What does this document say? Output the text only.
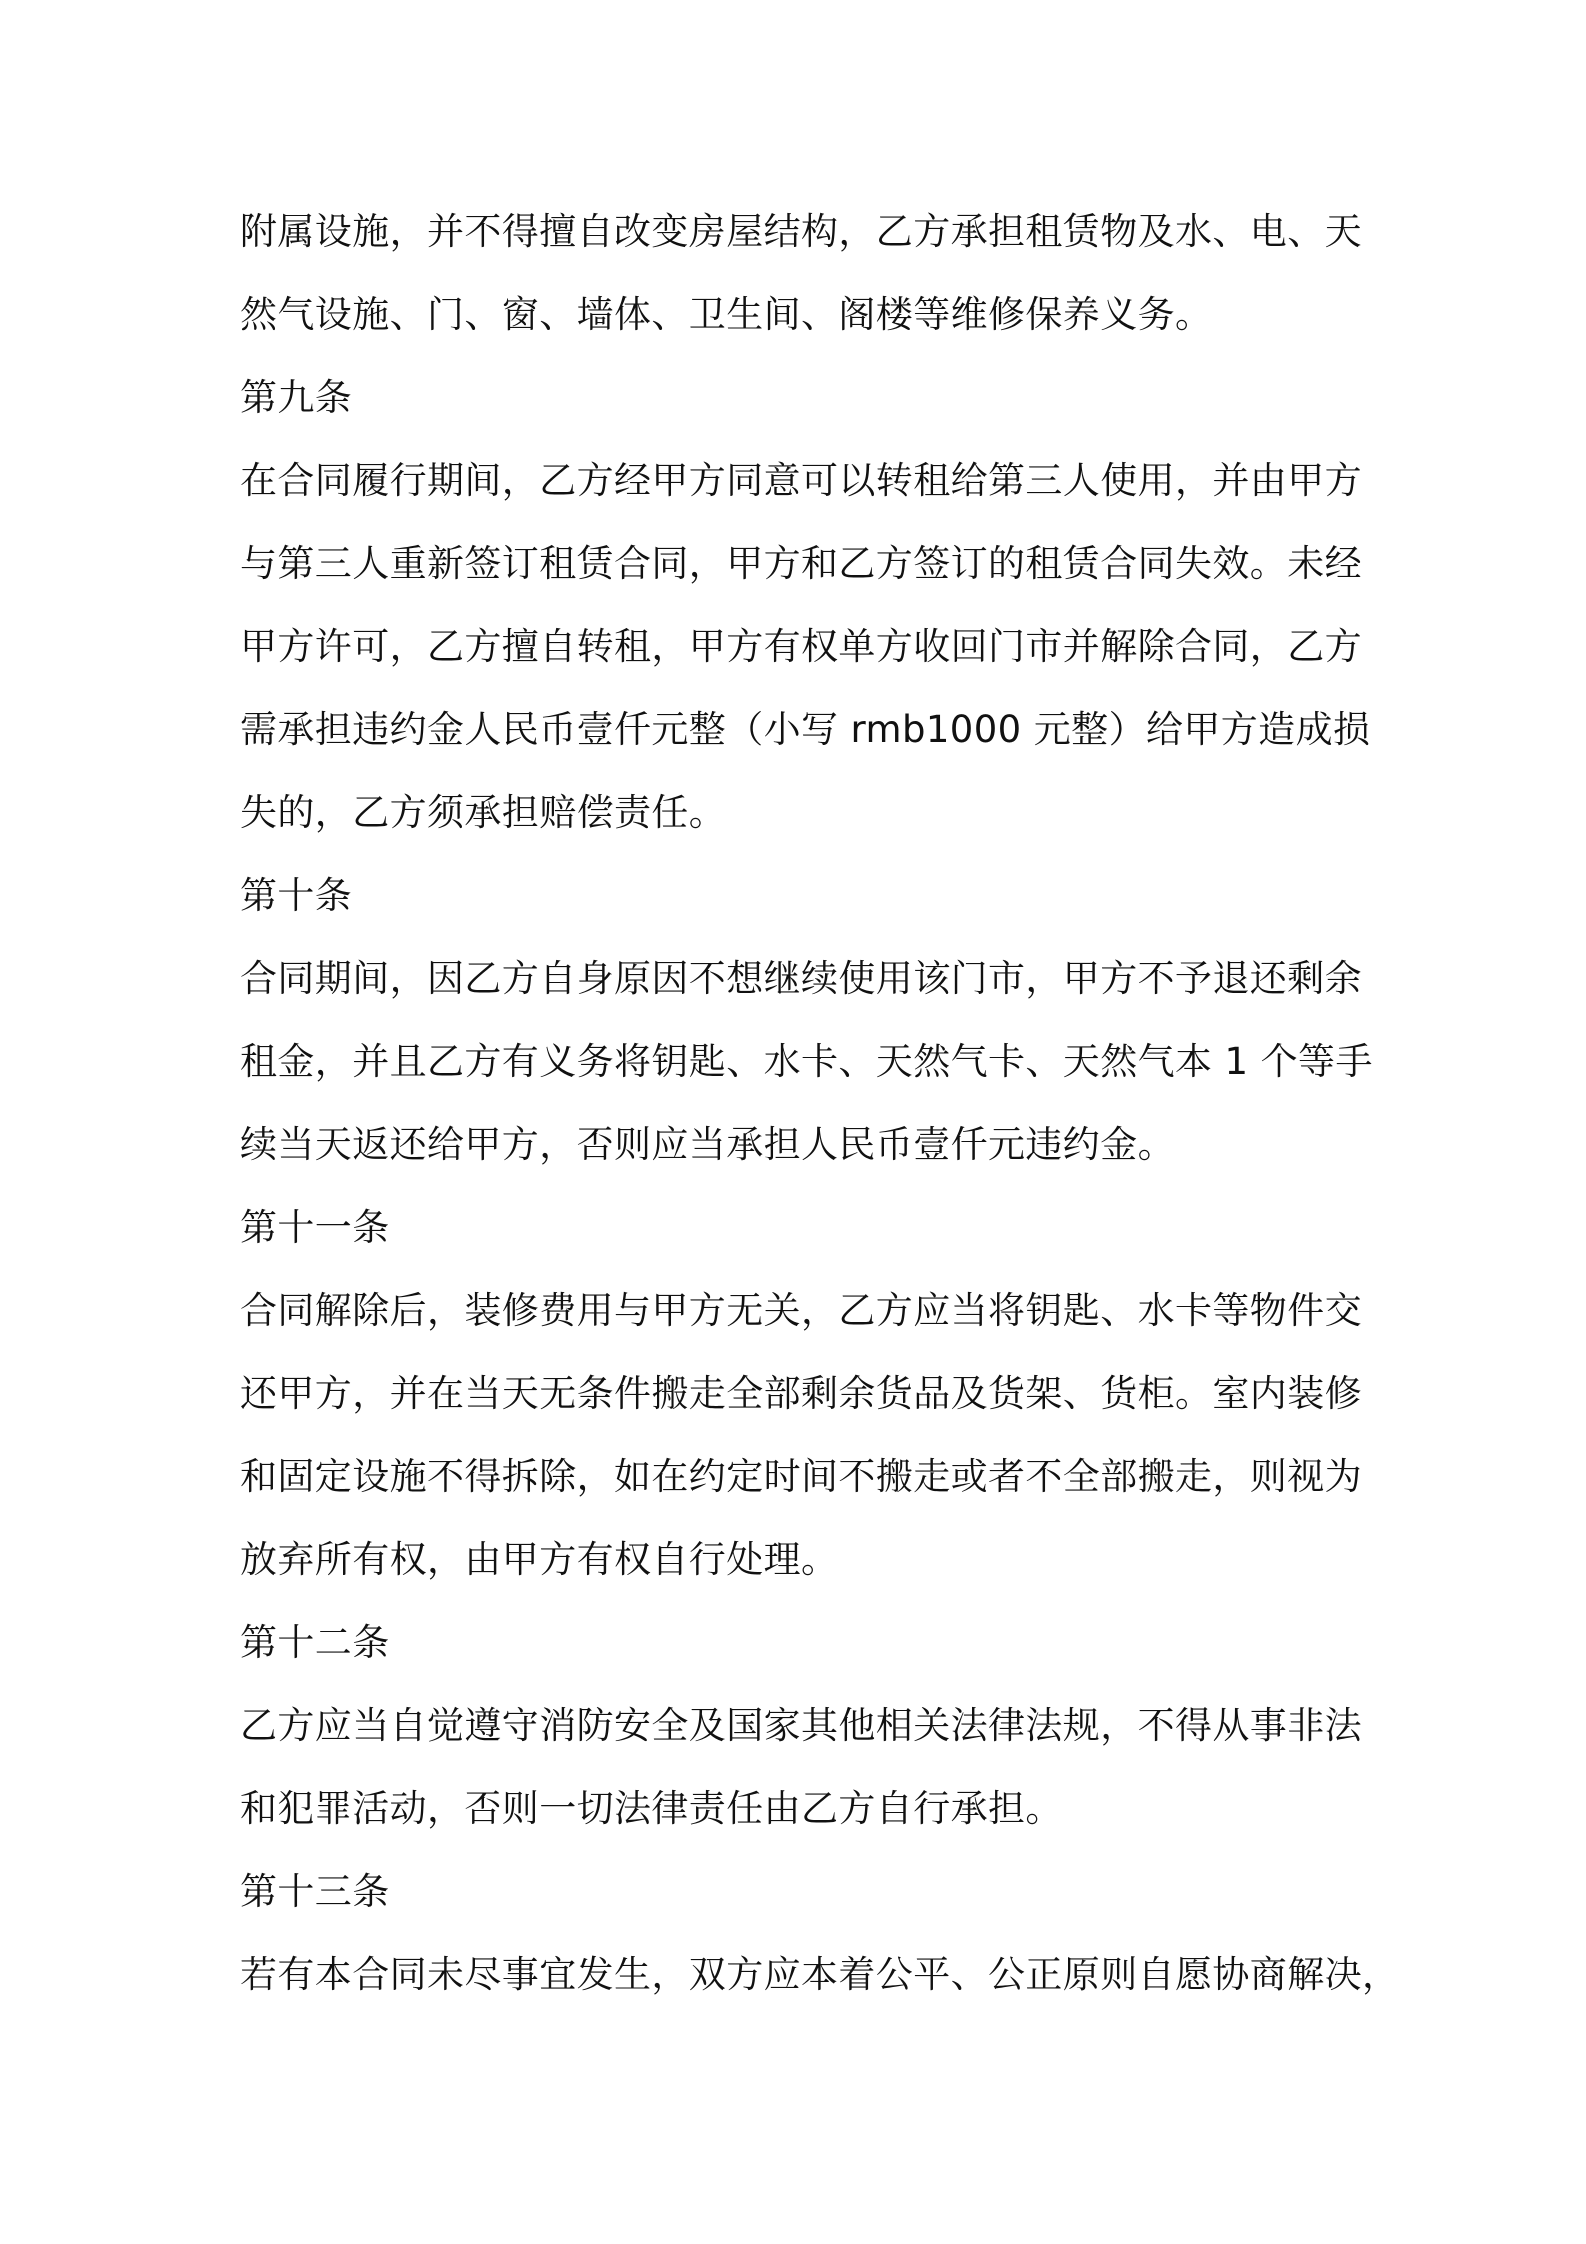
附属设施，并不得擅自改变房屋结构，乙方承担租赁物及水、电、天
然气设施、门、窗、墙体、卫生间、阁楼等维修保养义务。
第九条
在合同履行期间，乙方经甲方同意可以转租给第三人使用，并由甲方
与第三人重新签订租赁合同，甲方和乙方签订的租赁合同失效。未经
甲方许可，乙方擅自转租，甲方有权单方收回门市并解除合同，乙方
需承担违约金人民币壹仟元整（小写 rmb1000 元整）给甲方造成损
失的，乙方须承担赔偿责任。
第十条
合同期间，因乙方自身原因不想继续使用该门市，甲方不予退还剩余
租金，并且乙方有义务将钥匙、水卡、天然气卡、天然气本 1 个等手
续当天返还给甲方，否则应当承担人民币壹仟元违约金。
第十一条
合同解除后，装修费用与甲方无关，乙方应当将钥匙、水卡等物件交
还甲方，并在当天无条件搬走全部剩余货品及货架、货柜。室内装修
和固定设施不得拆除，如在约定时间不搬走或者不全部搬走，则视为
放弃所有权，由甲方有权自行处理。
第十二条
乙方应当自觉遵守消防安全及国家其他相关法律法规，不得从事非法
和犯罪活动，否则一切法律责任由乙方自行承担。
第十三条
若有本合同未尽事宜发生，双方应本着公平、公正原则自愿协商解决，
